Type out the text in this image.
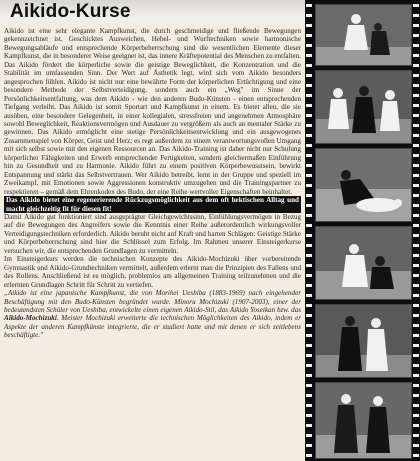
Aikido-Kurse

Aikido ist eine sehr elegante Kampfkunst, die durch geschmeidige und fließende Bewegungen gekennzeichnet ist. Geschicktes Ausweichen, Hebel- und Wurftechniken sowie harmonische Bewegungsabläufe und entsprechende Körperbeherrschung sind die wesentlichen Elemente dieser Kampfkunst, die in besonderer Weise geeignet ist, das innere Kräftepotential des Menschen zu entfalten. Das Aikido fördert die körperliche sowie die geistige Beweglichkeit, die Konzentration und die Stabilität im umfassenden Sinn. Der Wert auf Ästhetik legt, wird sich vom Aikido besonders angesprochen fühlen. Aikido ist nicht nur eine bewährte Form der körperlichen Ertüchtigung und eine besondere Methode der Selbstverteidigung, sondern auch ein „Weg" im Sinne der Persönlichkeitsentfaltung, was dem Aikido - wie den anderen Budo-Künsten - einen entsprechenden Tiefgang verleiht. Das Aikido ist somit Sportart und Kampfkunst in einem. Es bietet allen, die sie ausüben, eine besondere Gelegenheit, in einer kollegialen, stressfreien und angenehmen Atmosphäre sowohl Beweglichkeit, Reaktionsvermögen und Ausdauer zu vergrößern als auch an mentaler Stärke zu gewinnen. Das Aikido ermöglicht eine stetige Persönlichkeitsentwicklung und ein ausgewogenes Zusammenspiel von Körper, Geist und Herz; es regt außerdem zu einem verantwortungsvollen Umgang mit sich selbst sowie mit den eigenen Ressourcen an. Das Aikido-Training ist daher nicht nur Schulung körperlicher Fähigkeiten und Erwerb entsprechender Fertigkeiten, sondern gleichermaßen Einführung hin zu Gesundheit und zu Harmonie. Aikido führt zu einem positiven Körperbewusstsein, bewirkt Entspannung und stärkt das Selbstvertrauen. Wer Aikido betreibt, lernt in der Gruppe und speziell im Zweikampf, mit Emotionen sowie Aggressionen konstruktiv umzugehen und die Trainingspartner zu respektieren – gemäß dem Ehrenkodex des Budo, der eine Reihe wertvoller Eigenschaften beinhaltet.

Das Aikido bietet eine regenerierende Rückzugsmöglichkeit aus dem oft hektischen Alltag und macht gleichzeitig fit für diesen fit!

Damit Aikido gut funktioniert sind ausgeprägter Gleichgewichtssinn, Einfühlungsvermögen in Bezug auf die Bewegungen des Angreifers sowie die Kenntnis einer Reihe außerordentlich wirkungsvoller Verteidigungstechniken erforderlich. Aikido beruht nicht auf Kraft und harten Schlägen: Geistige Stärke und Körperbeherrschung sind hier die Schlüssel zum Erfolg. Im Rahmen unserer Einsteigerkurse versuchen wir, die entsprechenden Grundlagen zu vermitteln.

Im Einsteigerkurs werden die technischen Konzepte des Aikido-Mochizuki über vorbereitende Gymnastik und Aikido-Grundtechniken vermittelt, außerdem erlernt man die Prinzipien des Fallens und des Rollens. Anschließend ist es möglich, problemlos am allgemeinen Training teilzunehmen und die erlernten Grundlagen Schritt für Schritt zu vertiefen.

„Aikido ist eine japanische Kampfkunst, die von Morihei Ueshiba (1883-1969) nach eingehender Beschäftigung mit den Budo-Künsten begründet wurde. Minoru Mochizuki (1907-2003), einer der bedeutendsten Schüler von Ueshiba, entwickelte einen eigenen Aikido-Stil, das Aikido Yoseikan bzw. das Aikido-Mochizuki. Meister Mochizuki erweiterte die technischen Möglichkeiten des Aikido, indem er Aspekte der anderen Kampfkünste integrierte, die er studiert hatte und mit denen er sich zeitlebens beschäftigte."
